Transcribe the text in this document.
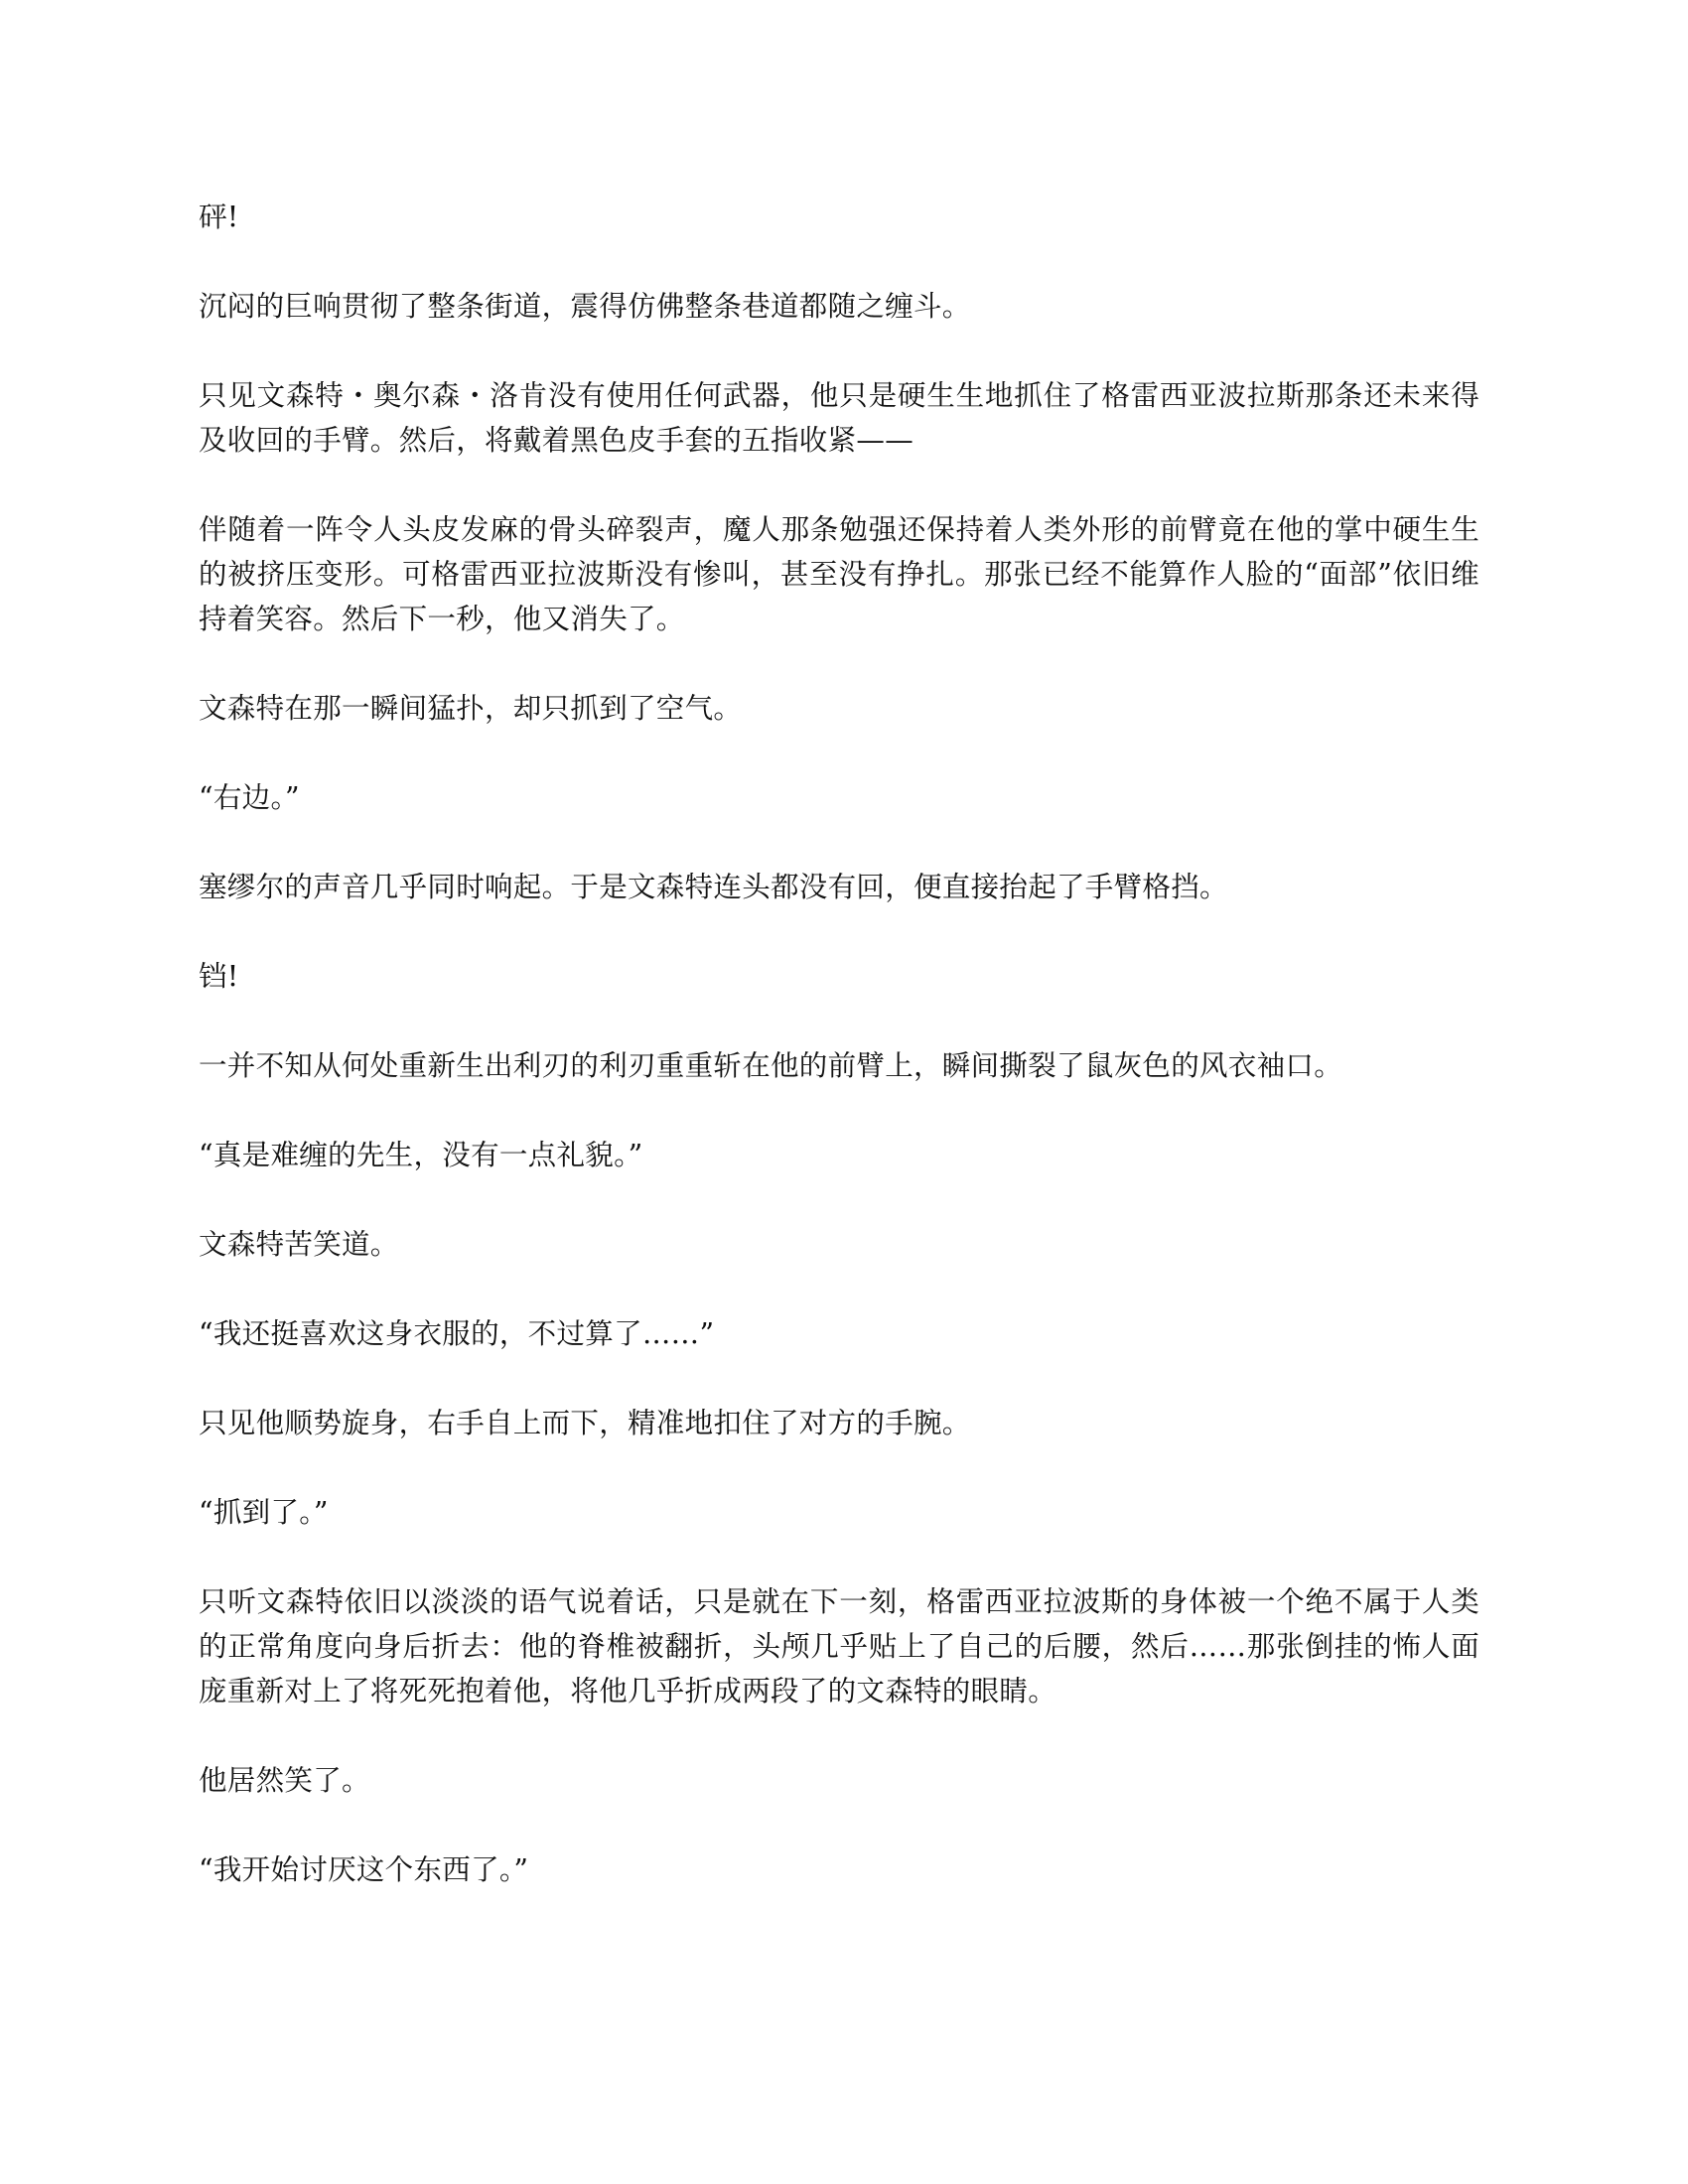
砰!

沉闷的巨响贯彻了整条街道，震得仿佛整条巷道都随之缠斗。

只见文森特・奥尔森・洛肯没有使用任何武器，他只是硬生生地抓住了格雷西亚波拉斯那条还未来得及收回的手臂。然后，将戴着黑色皮手套的五指收紧——

伴随着一阵令人头皮发麻的骨头碎裂声，魔人那条勉强还保持着人类外形的前臂竟在他的掌中硬生生的被挤压变形。可格雷西亚拉波斯没有惨叫，甚至没有挣扎。那张已经不能算作人脸的“面部”依旧维持着笑容。然后下一秒，他又消失了。

文森特在那一瞬间猛扑，却只抓到了空气。

“右边。”

塞缪尔的声音几乎同时响起。于是文森特连头都没有回，便直接抬起了手臂格挡。

铛!

一并不知从何处重新生出利刃的利刃重重斩在他的前臂上，瞬间撕裂了鼠灰色的风衣袖口。

“真是难缠的先生，没有一点礼貌。”

文森特苦笑道。

“我还挺喜欢这身衣服的，不过算了……”

只见他顺势旋身，右手自上而下，精准地扣住了对方的手腕。

“抓到了。”

只听文森特依旧以淡淡的语气说着话，只是就在下一刻，格雷西亚拉波斯的身体被一个绝不属于人类的正常角度向身后折去：他的脊椎被翻折，头颅几乎贴上了自己的后腰，然后……那张倒挂的怖人面庞重新对上了将死死抱着他，将他几乎折成两段了的文森特的眼睛。

他居然笑了。

“我开始讨厌这个东西了。”
